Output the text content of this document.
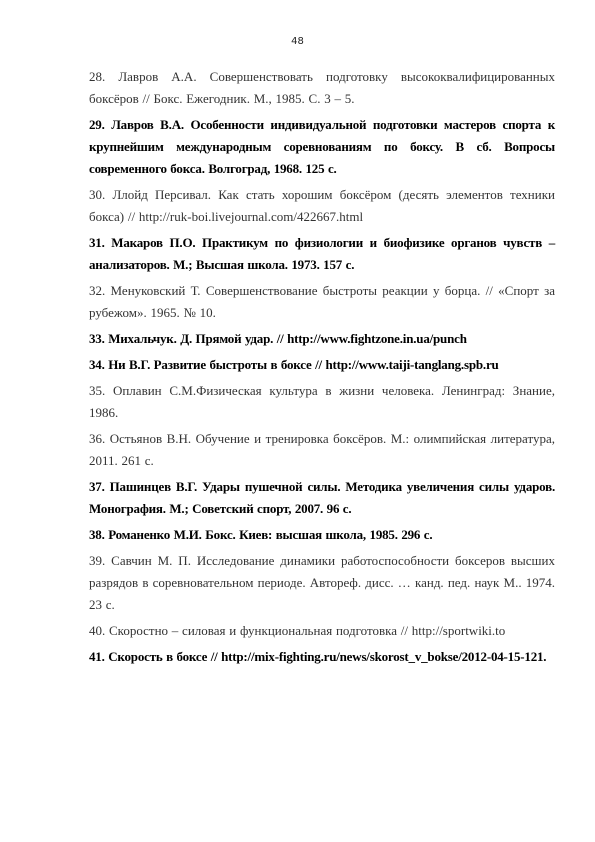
48

28. Лавров А.А. Совершенствовать подготовку высококвалифицированных боксёров // Бокс. Ежегодник. М., 1985. С. 3 – 5.

29. Лавров В.А. Особенности индивидуальной подготовки мастеров спорта к крупнейшим международным соревнованиям по боксу. В сб. Вопросы современного бокса. Волгоград, 1968. 125 с.

30. Ллойд Персивал. Как стать хорошим боксёром (десять элементов техники бокса) // http://ruk-boi.livejournal.com/422667.html

31. Макаров П.О. Практикум по физиологии и биофизике органов чувств – анализаторов. М.; Высшая школа. 1973. 157 с.

32. Менуковский Т. Совершенствование быстроты реакции у борца. // «Спорт за рубежом». 1965. № 10.

33. Михальчук. Д. Прямой удар. // http://www.fightzone.in.ua/punch

34. Ни В.Г. Развитие быстроты в боксе // http://www.taiji-tanglang.spb.ru

35. Оплавин С.М.Физическая культура в жизни человека. Ленинград: Знание, 1986.

36. Остьянов В.Н. Обучение и тренировка боксёров. М.: олимпийская литература, 2011. 261 с.

37. Пашинцев В.Г. Удары пушечной силы. Методика увеличения силы ударов. Монография. М.; Советский спорт, 2007. 96 с.

38. Романенко М.И. Бокс. Киев: высшая школа, 1985. 296 с.

39. Савчин М. П. Исследование динамики работоспособности боксеров высших разрядов в соревновательном периоде. Автореф. дисс. … канд. пед. наук М.. 1974. 23 с.

40. Скоростно – силовая и функциональная подготовка // http://sportwiki.to

41. Скорость в боксе // http://mix-fighting.ru/news/skorost_v_bokse/2012-04-15-121.
